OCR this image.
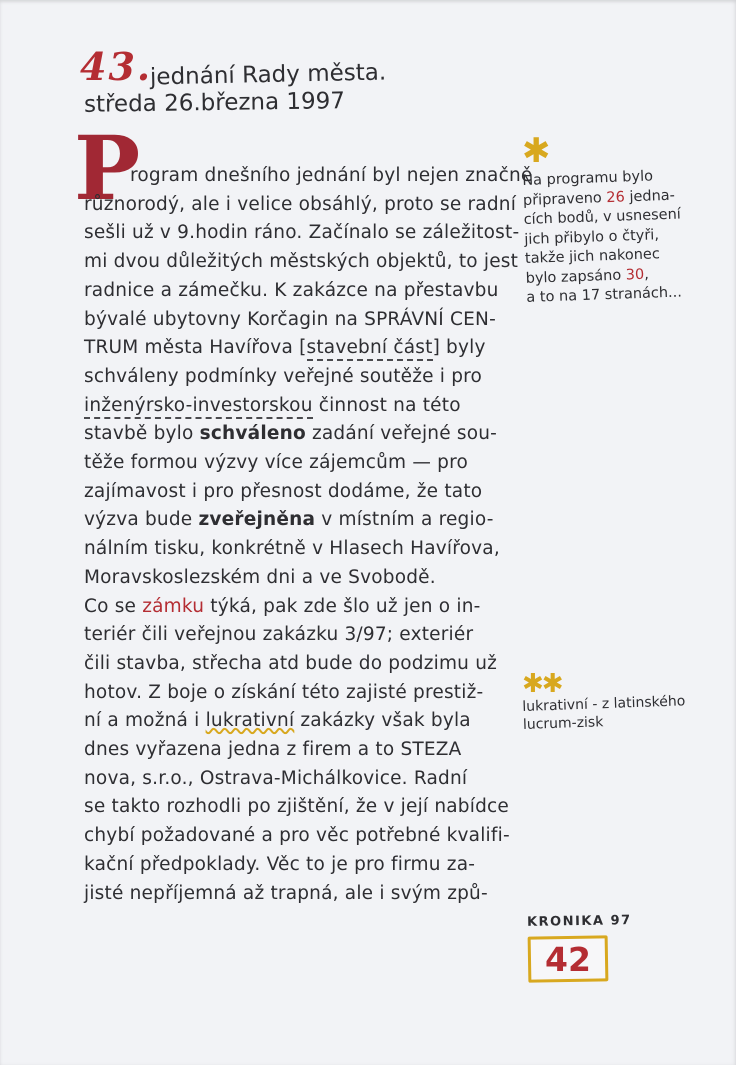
43.
jednání Rady města.
středa 26.března 1997
P
rogram dnešního jednání byl nejen značně
různorodý, ale i velice obsáhlý, proto se radní
sešli už v 9.hodin ráno. Začínalo se záležitost-
mi dvou důležitých městských objektů, to jest
radnice a zámečku. K zakázce na přestavbu
bývalé ubytovny Korčagin na SPRÁVNÍ CEN-
TRUM města Havířova [stavební část] byly
schváleny podmínky veřejné soutěže i pro
inženýrsko-investorskou činnost na této
stavbě bylo schváleno zadání veřejné sou-
těže formou výzvy více zájemcům — pro
zajímavost i pro přesnost dodáme, že tato
výzva bude zveřejněna v místním a regio-
nálním tisku, konkrétně v Hlasech Havířova,
Moravskoslezském dni a ve Svobodě.
Co se zámku týká, pak zde šlo už jen o in-
teriér čili veřejnou zakázku 3/97; exteriér
čili stavba, střecha atd bude do podzimu už
hotov. Z boje o získání této zajisté prestiž-
ní a možná i lukrativní zakázky však byla
dnes vyřazena jedna z firem a to STEZA
nova, s.r.o., Ostrava-Michálkovice. Radní
se takto rozhodli po zjištění, že v její nabídce
chybí požadované a pro věc potřebné kvalifi-
kační předpoklady. Věc to je pro firmu za-
jisté nepříjemná až trapná, ale i svým způ-
✱
Na programu bylo
připraveno 26 jedna-
cích bodů, v usnesení
jich přibylo o čtyři,
takže jich nakonec
bylo zapsáno 30,
a to na 17 stranách...
✱✱
lukrativní - z latinského
lucrum-zisk
KRONIKA 97
42
